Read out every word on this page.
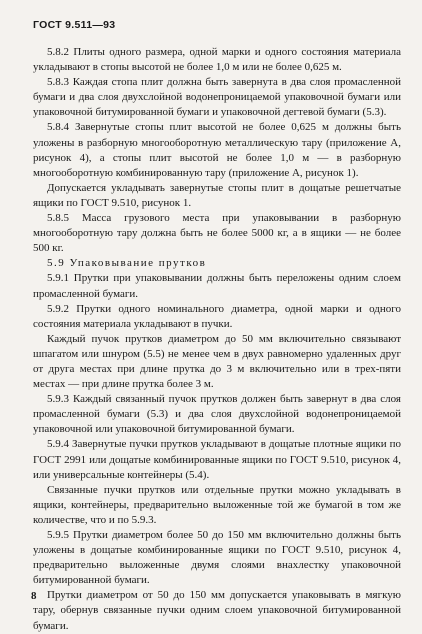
ГОСТ 9.511—93

5.8.2 Плиты одного размера, одной марки и одного состояния материала укладывают в стопы высотой не более 1,0 м или не более 0,625 м.

5.8.3 Каждая стопа плит должна быть завернута в два слоя промасленной бумаги и два слоя двухслойной водонепроницаемой упаковочной бумаги или упаковочной битумированной бумаги и упаковочной дегтевой бумаги (5.3).

5.8.4 Завернутые стопы плит высотой не более 0,625 м должны быть уложены в разборную многооборотную металлическую тару (приложение А, рисунок 4), а стопы плит высотой не более 1,0 м — в разборную многооборотную комбинированную тару (приложение А, рисунок 1).

Допускается укладывать завернутые стопы плит в дощатые решетчатые ящики по ГОСТ 9.510, рисунок 1.

5.8.5 Масса грузового места при упаковывании в разборную многооборотную тару должна быть не более 5000 кг, а в ящики — не более 500 кг.

5.9 Упаковывание прутков

5.9.1 Прутки при упаковывании должны быть переложены одним слоем промасленной бумаги.

5.9.2 Прутки одного номинального диаметра, одной марки и одного состояния материала укладывают в пучки.

Каждый пучок прутков диаметром до 50 мм включительно связывают шпагатом или шнуром (5.5) не менее чем в двух равномерно удаленных друг от друга местах при длине прутка до 3 м включительно или в трех-пяти местах — при длине прутка более 3 м.

5.9.3 Каждый связанный пучок прутков должен быть завернут в два слоя промасленной бумаги (5.3) и два слоя двухслойной водонепроницаемой упаковочной или упаковочной битумированной бумаги.

5.9.4 Завернутые пучки прутков укладывают в дощатые плотные ящики по ГОСТ 2991 или дощатые комбинированные ящики по ГОСТ 9.510, рисунок 4, или универсальные контейнеры (5.4).

Связанные пучки прутков или отдельные прутки можно укладывать в ящики, контейнеры, предварительно выложенные той же бумагой в том же количестве, что и по 5.9.3.

5.9.5 Прутки диаметром более 50 до 150 мм включительно должны быть уложены в дощатые комбинированные ящики по ГОСТ 9.510, рисунок 4, предварительно выложенные двумя слоями внахлестку упаковочной битумированной бумаги.

Прутки диаметром от 50 до 150 мм допускается упаковывать в мягкую тару, обернув связанные пучки одним слоем упаковочной битумированной бумаги.

8
